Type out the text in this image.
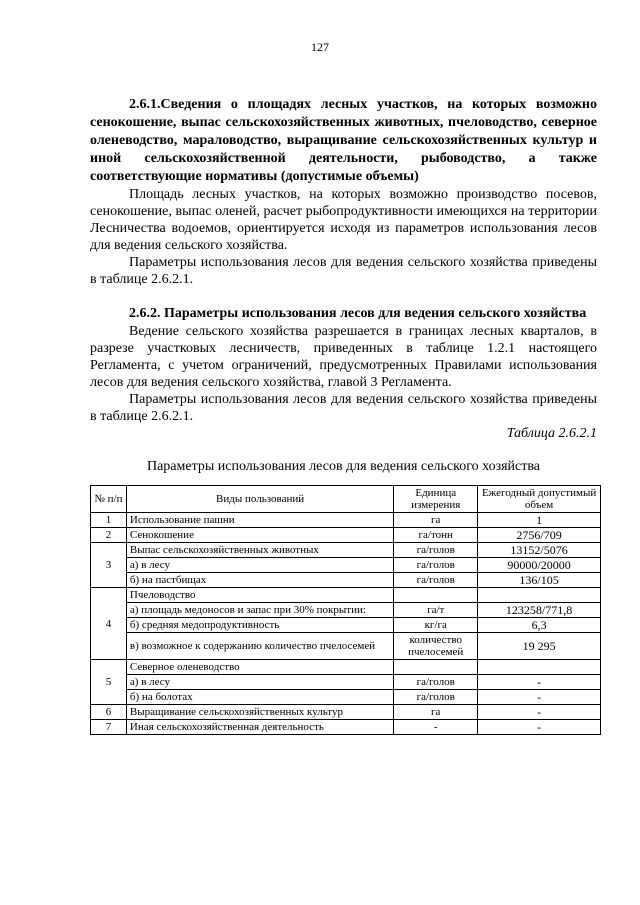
127

2.6.1.Сведения о площадях лесных участков, на которых возможно сенокошение, выпас сельскохозяйственных животных, пчеловодство, северное оленеводство, мараловодство, выращивание сельскохозяйственных культур и иной сельскохозяйственной деятельности, рыбоводство, а также соответствующие нормативы (допустимые объемы)

Площадь лесных участков, на которых возможно производство посевов, сенокошение, выпас оленей, расчет рыбопродуктивности имеющихся на территории Лесничества водоемов, ориентируется исходя из параметров использования лесов для ведения сельского хозяйства.

Параметры использования лесов для ведения сельского хозяйства приведены в таблице 2.6.2.1.

2.6.2. Параметры использования лесов для ведения сельского хозяйства

Ведение сельского хозяйства разрешается в границах лесных кварталов, в разрезе участковых лесничеств, приведенных в таблице 1.2.1 настоящего Регламента, с учетом ограничений, предусмотренных Правилами использования лесов для ведения сельского хозяйства, главой 3 Регламента.

Параметры использования лесов для ведения сельского хозяйства приведены в таблице 2.6.2.1.

Таблица 2.6.2.1

Параметры использования лесов для ведения сельского хозяйства

№ п/п	Виды пользований	Единица измерения	Ежегодный допустимый объем
1	Использование пашни	га	1
2	Сенокошение	га/тонн	2756/709
3	Выпас сельскохозяйственных животных	га/голов	13152/5076
	а) в лесу	га/голов	90000/20000
	б) на пастбищах	га/голов	136/105
4	Пчеловодство		
	а) площадь медоносов и запас при 30% покрытии:	га/т	123258/771,8
	б) средняя медопродуктивность	кг/га	6,3
	в) возможное к содержанию количество пчелосемей	количество пчелосемей	19 295
5	Северное оленеводство		
	а) в лесу	га/голов	-
	б) на болотах	га/голов	-
6	Выращивание сельскохозяйственных культур	га	-
7	Иная сельскохозяйственная деятельность	-	-
